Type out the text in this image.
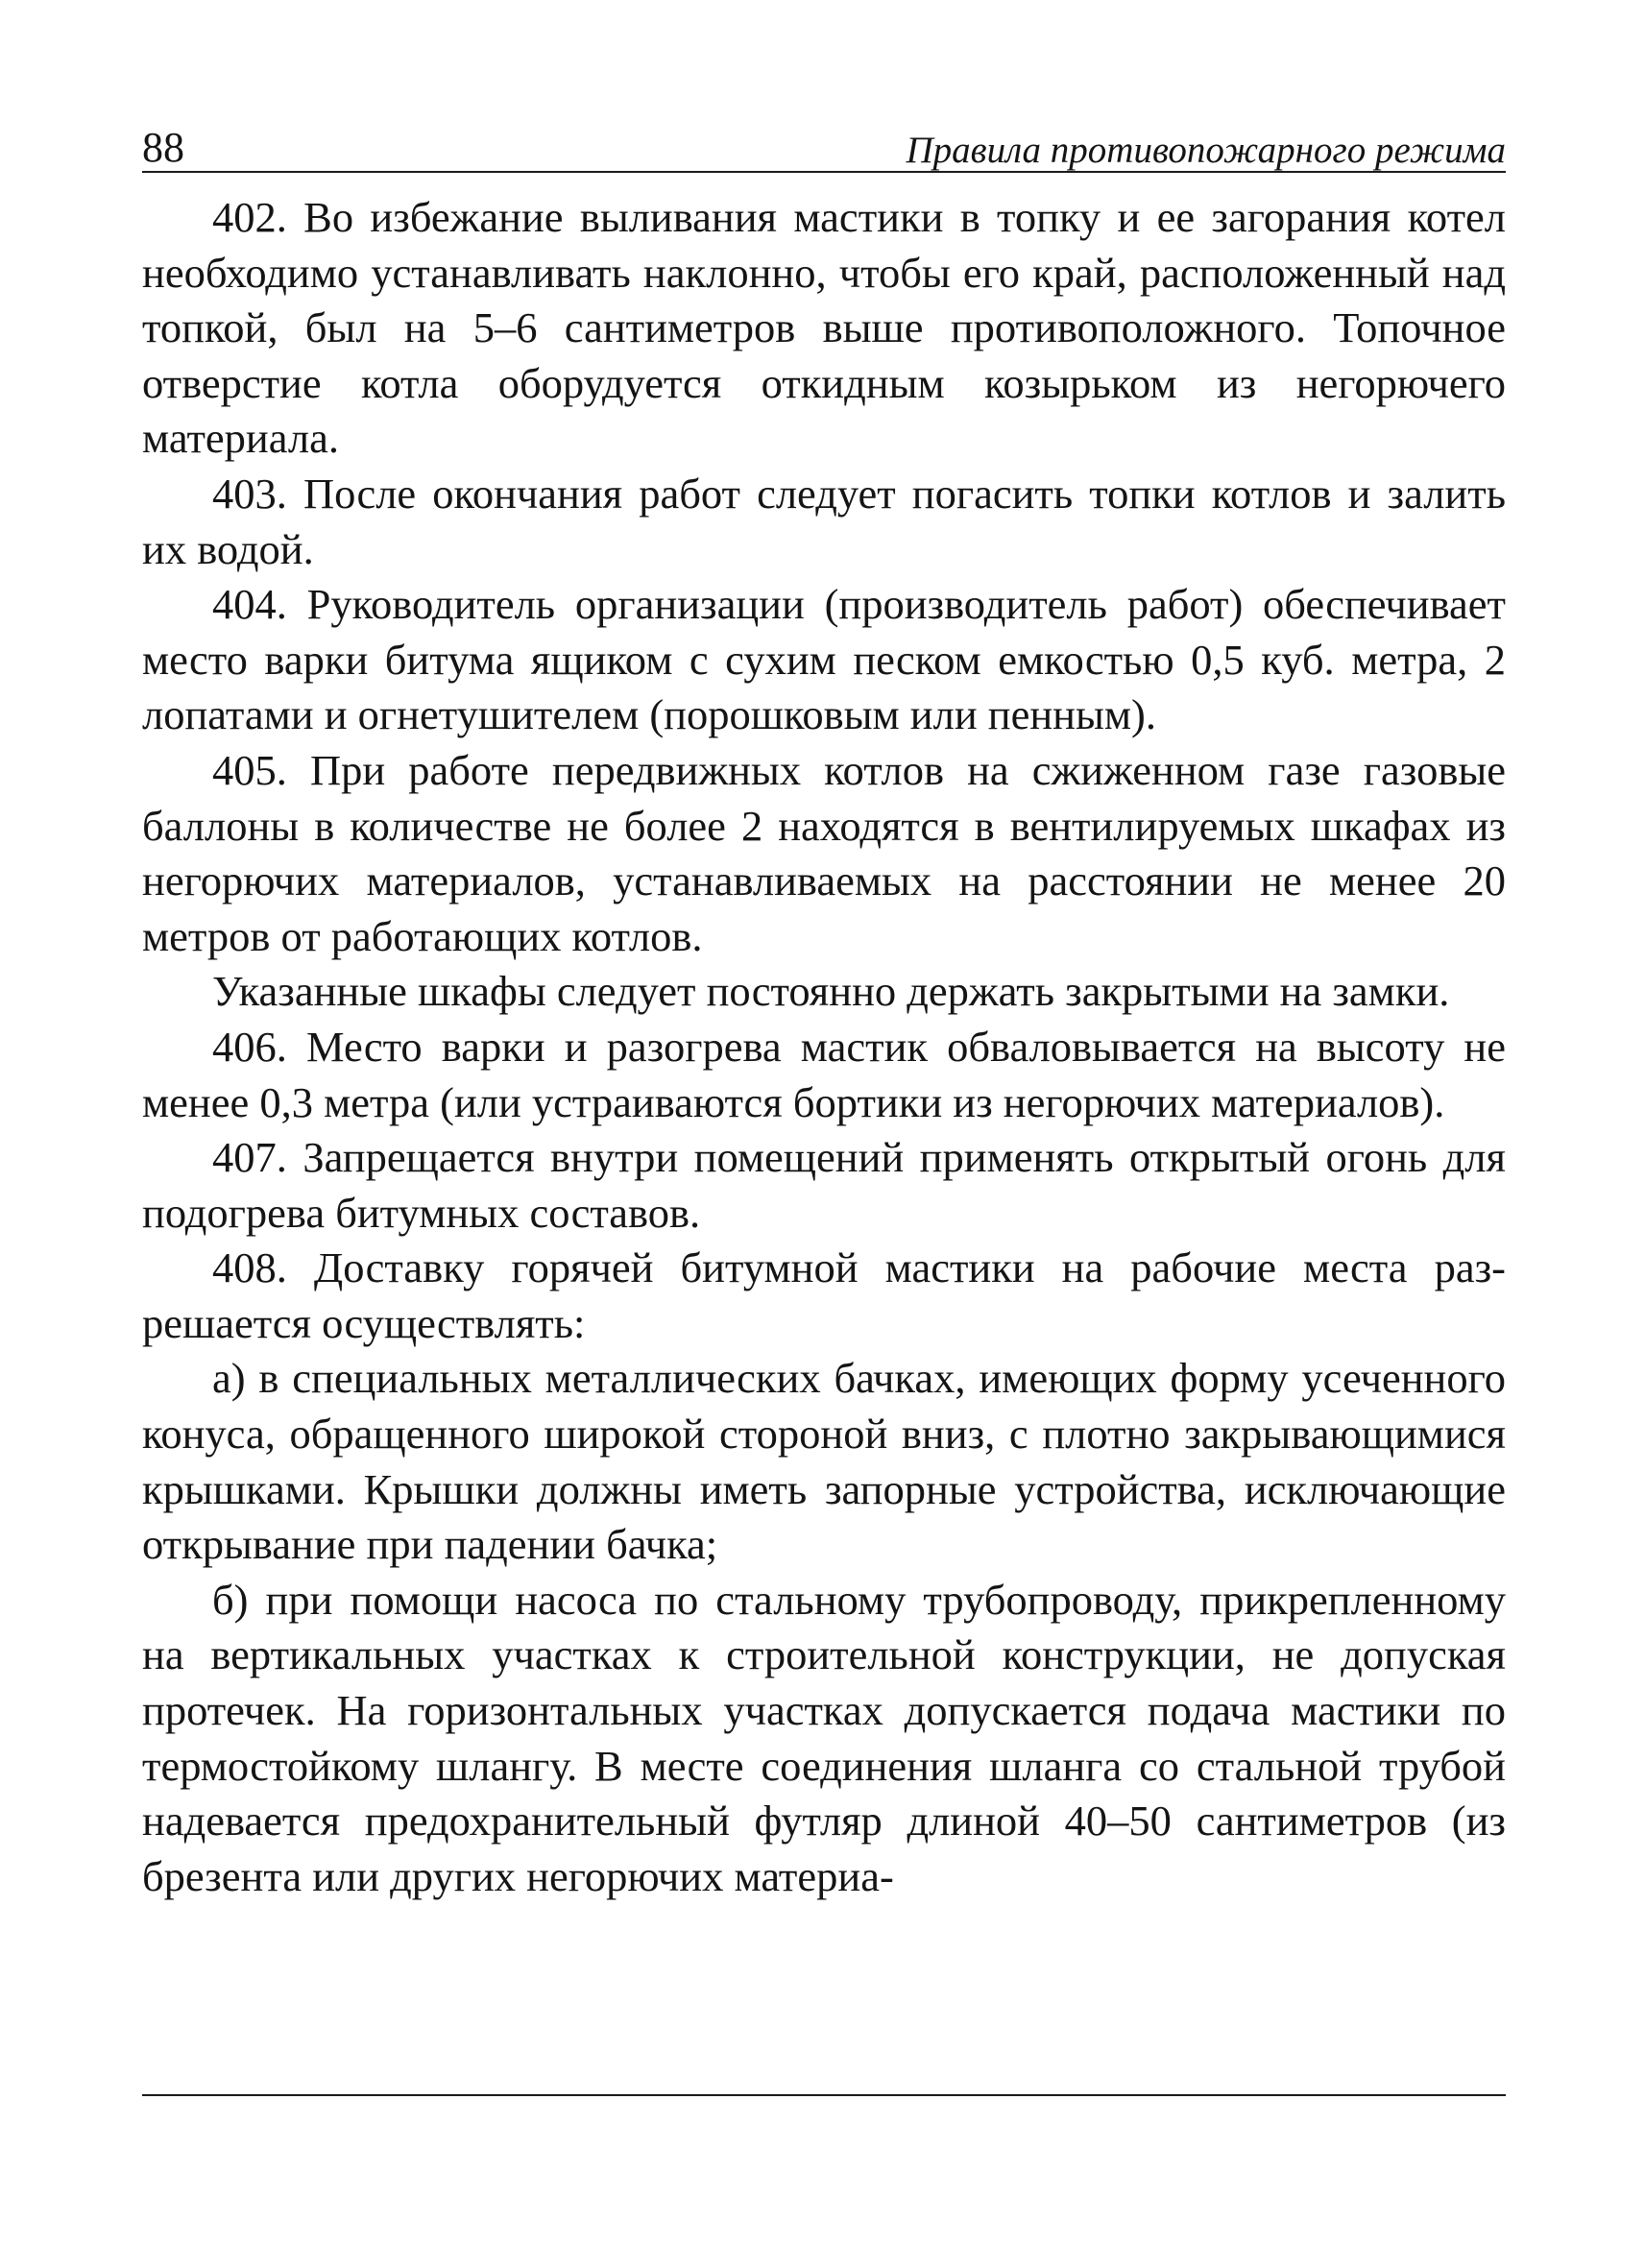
88	Правила противопожарного режима

402. Во избежание выливания мастики в топку и ее загорания котел необходимо устанавливать наклонно, чтобы его край, расположенный над топкой, был на 5–6 сантиметров выше противоположного. Топочное отверстие котла оборудуется откидным козырьком из негорючего материала.

403. После окончания работ следует погасить топки котлов и залить их водой.

404. Руководитель организации (производитель работ) обеспечивает место варки битума ящиком с сухим песком емкостью 0,5 куб. метра, 2 лопатами и огнетушителем (порошковым или пенным).

405. При работе передвижных котлов на сжиженном газе газовые баллоны в количестве не более 2 находятся в вентилируемых шкафах из негорючих материалов, устанавливаемых на расстоянии не менее 20 метров от работающих котлов.

Указанные шкафы следует постоянно держать закрытыми на замки.

406. Место варки и разогрева мастик обваловывается на высоту не менее 0,3 метра (или устраиваются бортики из негорючих материалов).

407. Запрещается внутри помещений применять открытый огонь для подогрева битумных составов.

408. Доставку горячей битумной мастики на рабочие места разрешается осуществлять:

а) в специальных металлических бачках, имеющих форму усеченного конуса, обращенного широкой стороной вниз, с плотно закрывающимися крышками. Крышки должны иметь запорные устройства, исключающие открывание при падении бачка;

б) при помощи насоса по стальному трубопроводу, прикрепленному на вертикальных участках к строительной конструкции, не допуская протечек. На горизонтальных участках допускается подача мастики по термостойкому шлангу. В месте соединения шланга со стальной трубой надевается предохранительный футляр длиной 40–50 сантиметров (из брезента или других негорючих материа-
